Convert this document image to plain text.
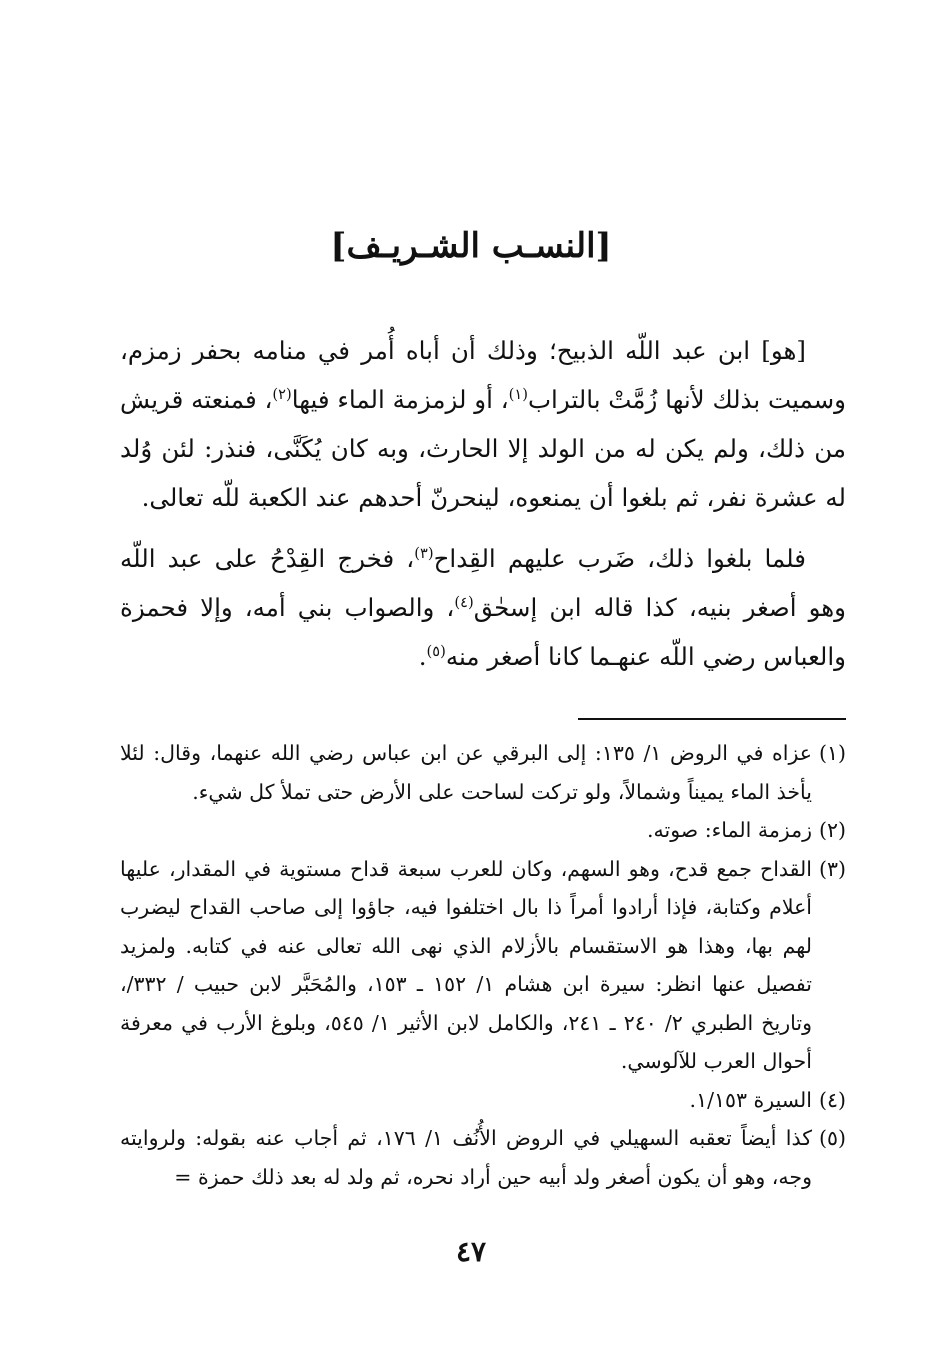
[النسـب الشـريـف]

[هو] ابن عبد اللّه الذبيح؛ وذلك أن أباه أُمر في منامه بحفر زمزم، وسميت بذلك لأنها زُمَّتْ بالتراب$^{(١)}$، أو لزمزمة الماء فيها$^{(٢)}$، فمنعته قريش من ذلك، ولم يكن له من الولد إلا الحارث، وبه كان يُكَنَّى، فنذر: لئن وُلد له عشرة نفر، ثم بلغوا أن يمنعوه، لينحرنّ أحدهم عند الكعبة للّه تعالى.

فلما بلغوا ذلك، ضَرب عليهم القِداح$^{(٣)}$، فخرج القِدْحُ على عبد اللّه وهو أصغر بنيه، كذا قاله ابن إسحٰق$^{(٤)}$، والصواب بني أمه، وإلا فحمزة والعباس رضي اللّه عنهـما كانا أصغر منه$^{(٥)}$.

(١)
عزاه في الروض ١/ ١٣٥: إلى البرقي عن ابن عباس رضي الله عنهما، وقال: لئلا يأخذ الماء يميناً وشمالاً، ولو تركت لساحت على الأرض حتى تملأ كل شيء.
(٢)
زمزمة الماء: صوته.
(٣)
القداح جمع قدح، وهو السهم، وكان للعرب سبعة قداح مستوية في المقدار، عليها أعلام وكتابة، فإذا أرادوا أمراً ذا بال اختلفوا فيه، جاؤوا إلى صاحب القداح ليضرب لهم بها، وهذا هو الاستقسام بالأزلام الذي نهى الله تعالى عنه في كتابه. ولمزيد تفصيل عنها انظر: سيرة ابن هشام ١/ ١٥٢ ـ ١٥٣، والمُحَبَّر لابن حبيب / ٣٣٢/، وتاريخ الطبري ٢/ ٢٤٠ ـ ٢٤١، والكامل لابن الأثير ١/ ٥٤٥، وبلوغ الأرب في معرفة أحوال العرب للآلوسي.
(٤)
السيرة ١/١٥٣.
(٥)
كذا أيضاً تعقبه السهيلي في الروض الأُنُف ١/ ١٧٦، ثم أجاب عنه بقوله: ولروايته وجه، وهو أن يكون أصغر ولد أبيه حين أراد نحره، ثم ولد له بعد ذلك حمزة =
٤٧
